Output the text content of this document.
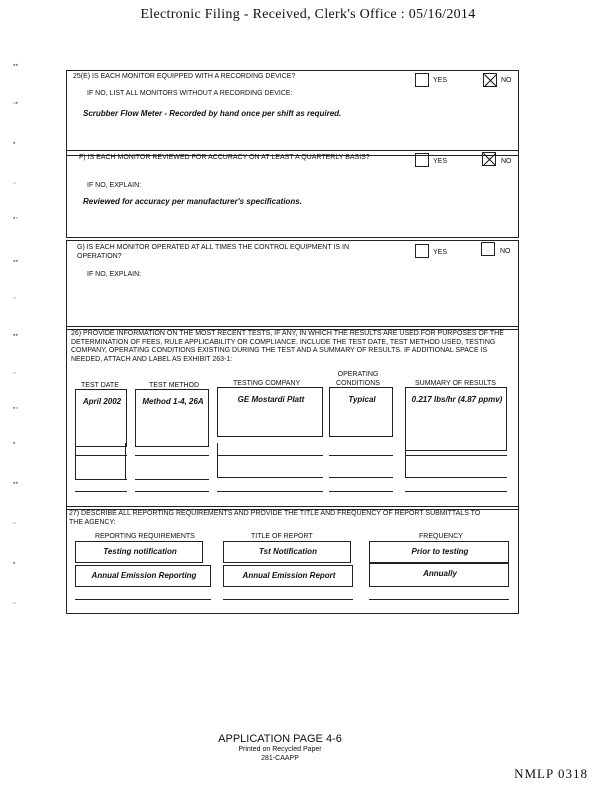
Electronic Filing - Received, Clerk's Office : 05/16/2014
▪▪
▫▪
▪
▫
▪▫
▪▪
▫
▪▪
▫
▪▫
▪
▪▪
▫
▪
▫
25(E) IS EACH MONITOR EQUIPPED WITH A RECORDING DEVICE?
IF NO, LIST ALL MONITORS WITHOUT A RECORDING DEVICE:
Scrubber Flow Meter - Recorded by hand once per shift as required.
YES	NO
F) IS EACH MONITOR REVIEWED FOR ACCURACY ON AT LEAST A QUARTERLY BASIS?
IF NO, EXPLAIN:
Reviewed for accuracy per manufacturer's specifications.
YES	NO
G) IS EACH MONITOR OPERATED AT ALL TIMES THE CONTROL EQUIPMENT IS IN OPERATION?
IF NO, EXPLAIN:
YES	NO
26) PROVIDE INFORMATION ON THE MOST RECENT TESTS, IF ANY, IN WHICH THE RESULTS ARE USED FOR PURPOSES OF THE DETERMINATION OF FEES, RULE APPLICABILITY OR COMPLIANCE. INCLUDE THE TEST DATE, TEST METHOD USED, TESTING COMPANY, OPERATING CONDITIONS EXISTING DURING THE TEST AND A SUMMARY OF RESULTS. IF ADDITIONAL SPACE IS NEEDED, ATTACH AND LABEL AS EXHIBIT 263-1:
TEST DATE	TEST METHOD	TESTING COMPANY
OPERATING CONDITIONS	SUMMARY OF RESULTS
April 2002	Method 1-4, 26A	GE Mostardi Platt	Typical	0.217 lbs/hr (4.87 ppmv)
27) DESCRIBE ALL REPORTING REQUIREMENTS AND PROVIDE THE TITLE AND FREQUENCY OF REPORT SUBMITTALS TO THE AGENCY:
REPORTING REQUIREMENTS	TITLE OF REPORT	FREQUENCY
Testing notification	Tst Notification	Prior to testing
Annual Emission Reporting	Annual Emission Report	Annually
APPLICATION PAGE 4-6
Printed on Recycled Paper
281-CAAPP
NMLP 0318
